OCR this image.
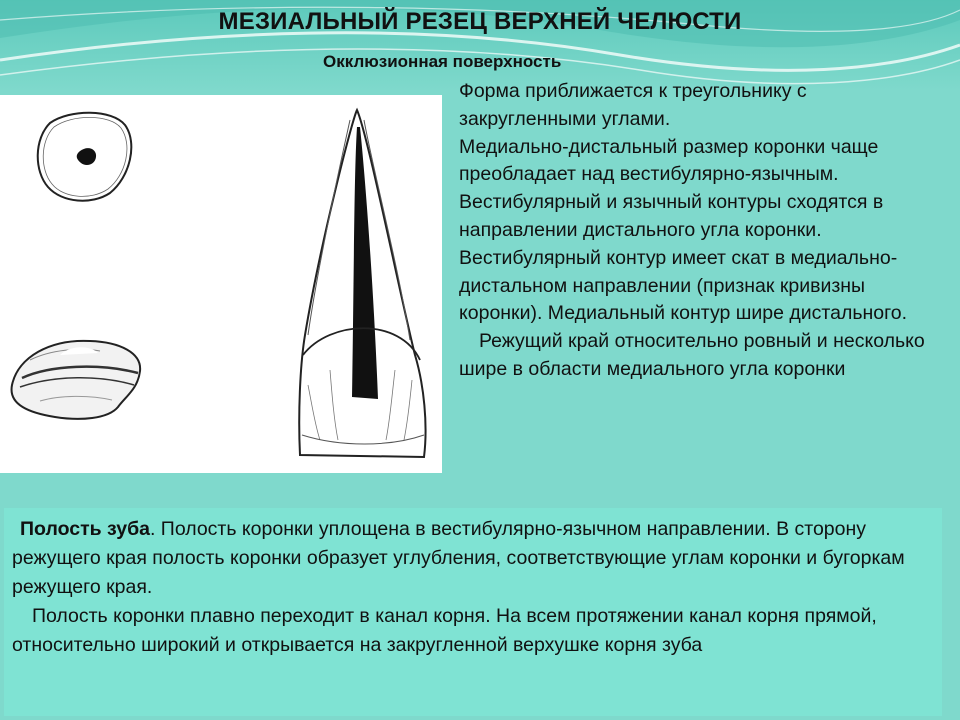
МЕЗИАЛЬНЫЙ РЕЗЕЦ ВЕРХНЕЙ ЧЕЛЮСТИ
Окклюзионная поверхность

Форма приближается к треугольнику с закругленными углами.

Медиально-дистальный размер коронки чаще преобладает над вестибулярно-язычным.

Вестибулярный и язычный контуры сходятся в направлении дистального угла коронки. Вестибулярный контур имеет скат в медиально-дистальном направлении (признак кривизны коронки). Медиальный контур шире дистального.

Режущий край относительно ровный и несколько шире в области медиального угла коронки

Полость зуба. Полость коронки уплощена в вестибулярно-язычном направлении. В сторону режущего края полость коронки образует углубления, соответствующие углам коронки и бугоркам режущего края.

Полость коронки плавно переходит в канал корня. На всем протяжении канал корня прямой, относительно широкий и открывается на закругленной верхушке корня зуба
